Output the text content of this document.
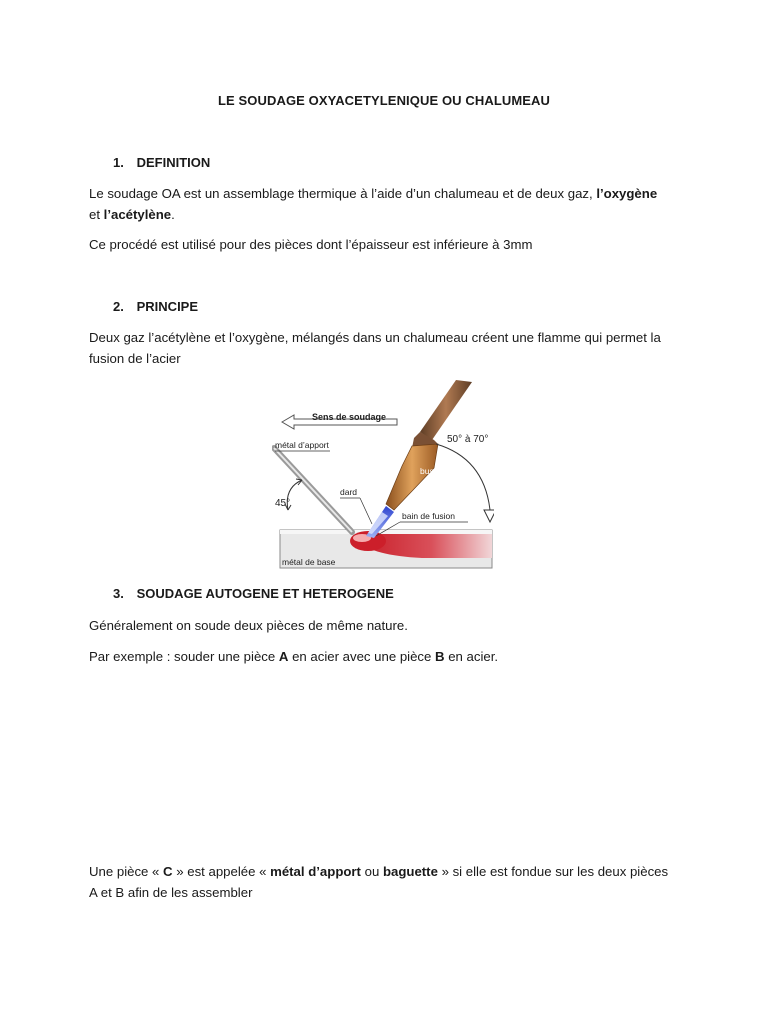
LE SOUDAGE OXYACETYLENIQUE OU CHALUMEAU
1. DEFINITION

Le soudage OA est un assemblage thermique à l’aide d’un chalumeau et de deux gaz, l’oxygène
et l’acétylène.

Ce procédé est utilisé pour des pièces dont l’épaisseur est inférieure à 3mm

2. PRINCIPE

Deux gaz l’acétylène et l’oxygène, mélangés dans un chalumeau créent une flamme qui permet la fusion de l’acier

Sens de soudage
métal d’apport
45°
buse
dard
bain de fusion
50° à 70°
métal de base
3. SOUDAGE AUTOGENE ET HETEROGENE

Généralement on soude deux pièces de même nature.

Par exemple : souder une pièce A en acier avec une pièce B en acier.

Une pièce « C » est appelée « métal d’apport ou baguette » si elle est fondue sur les deux pièces A et B afin de les assembler
